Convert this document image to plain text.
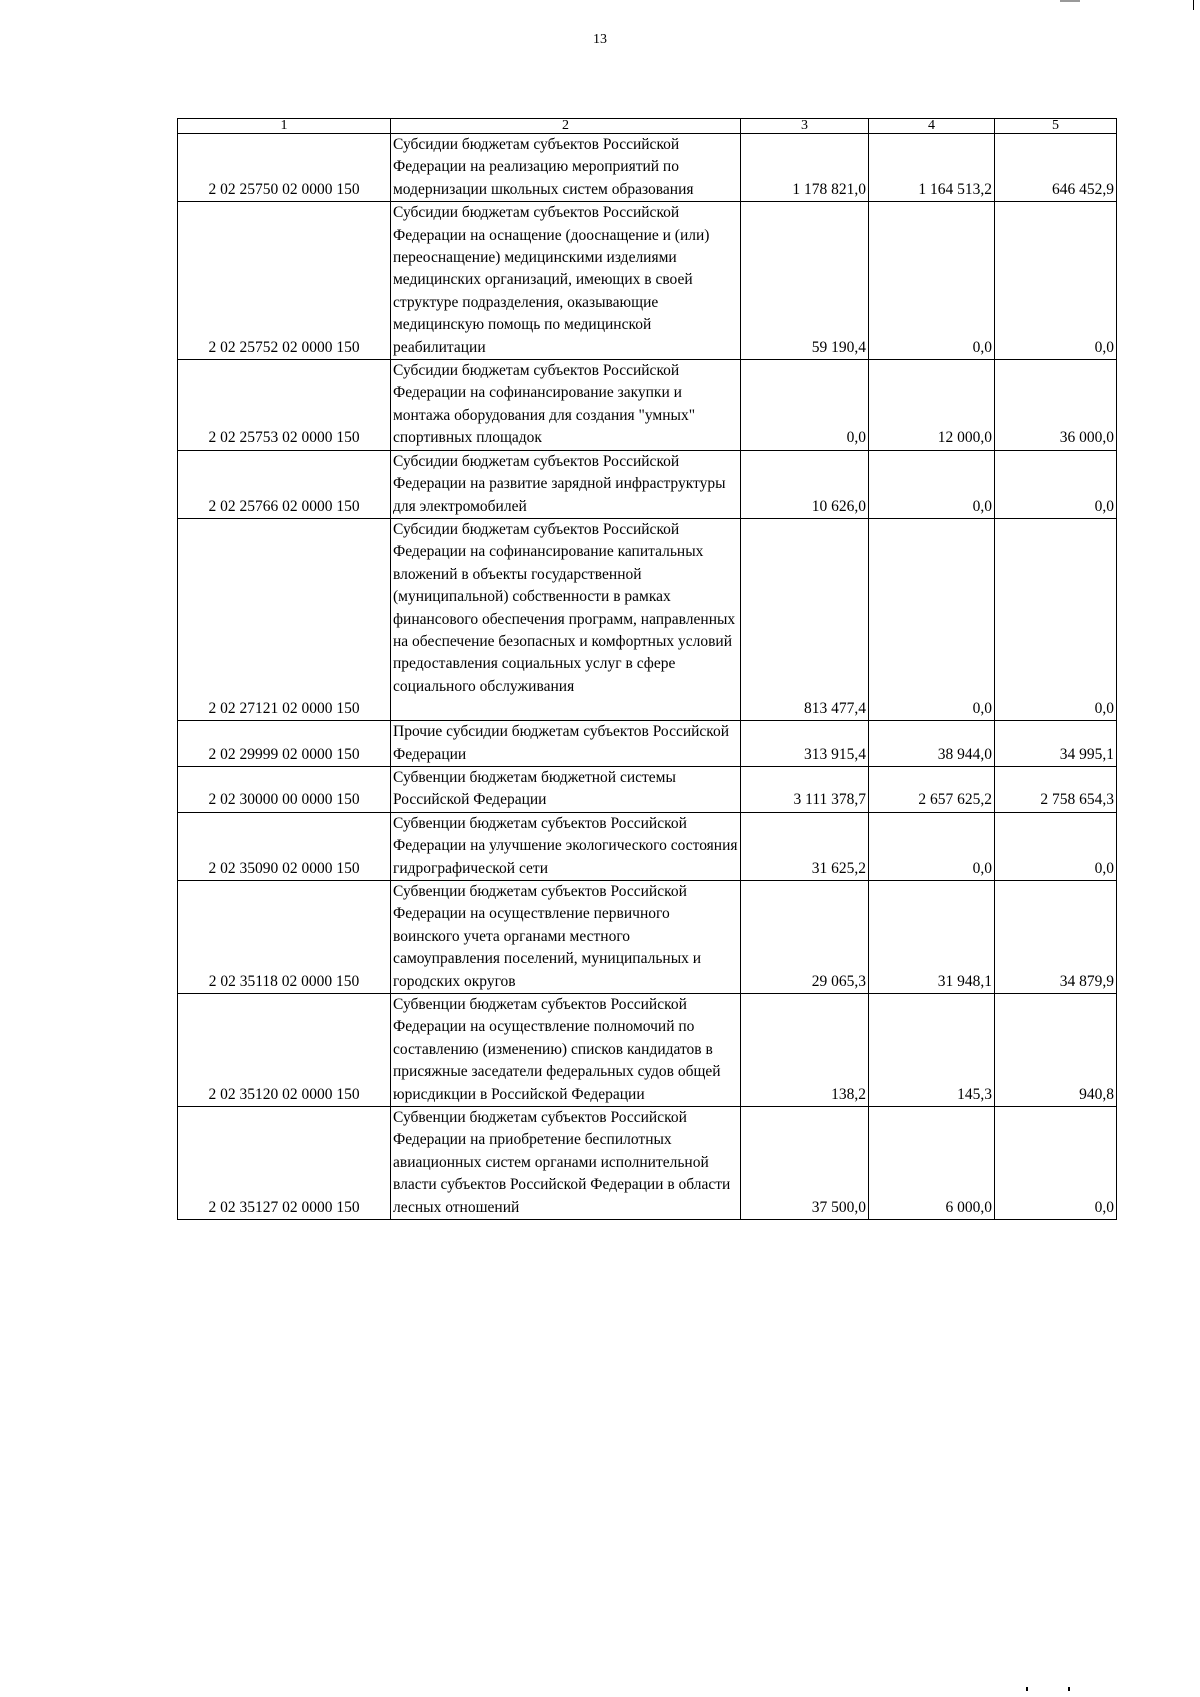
13
1	2	3	4	5
2 02 25750 02 0000 150	Субсидии бюджетам субъектов Российской Федерации на реализацию мероприятий по модернизации школьных систем образования	1 178 821,0	1 164 513,2	646 452,9
2 02 25752 02 0000 150	Субсидии бюджетам субъектов Российской Федерации на оснащение (дооснащение и (или) переоснащение) медицинскими изделиями медицинских организаций, имеющих в своей структуре подразделения, оказывающие медицинскую помощь по медицинской реабилитации	59 190,4	0,0	0,0
2 02 25753 02 0000 150	Субсидии бюджетам субъектов Российской Федерации на софинансирование закупки и монтажа оборудования для создания "умных" спортивных площадок	0,0	12 000,0	36 000,0
2 02 25766 02 0000 150	Субсидии бюджетам субъектов Российской Федерации на развитие зарядной инфраструктуры для электромобилей	10 626,0	0,0	0,0
2 02 27121 02 0000 150	Субсидии бюджетам субъектов Российской Федерации на софинансирование капитальных вложений в объекты государственной (муниципальной) собственности в рамках финансового обеспечения программ, направленных на обеспечение безопасных и комфортных условий предоставления социальных услуг в сфере социального обслуживания	813 477,4	0,0	0,0
2 02 29999 02 0000 150	Прочие субсидии бюджетам субъектов Российской Федерации	313 915,4	38 944,0	34 995,1
2 02 30000 00 0000 150	Субвенции бюджетам бюджетной системы Российской Федерации	3 111 378,7	2 657 625,2	2 758 654,3
2 02 35090 02 0000 150	Субвенции бюджетам субъектов Российской Федерации на улучшение экологического состояния гидрографической сети	31 625,2	0,0	0,0
2 02 35118 02 0000 150	Субвенции бюджетам субъектов Российской Федерации на осуществление первичного воинского учета органами местного самоуправления поселений, муниципальных и городских округов	29 065,3	31 948,1	34 879,9
2 02 35120 02 0000 150	Субвенции бюджетам субъектов Российской Федерации на осуществление полномочий по составлению (изменению) списков кандидатов в присяжные заседатели федеральных судов общей юрисдикции в Российской Федерации	138,2	145,3	940,8
2 02 35127 02 0000 150	Субвенции бюджетам субъектов Российской Федерации на приобретение беспилотных авиационных систем органами исполнительной власти субъектов Российской Федерации в области лесных отношений	37 500,0	6 000,0	0,0
